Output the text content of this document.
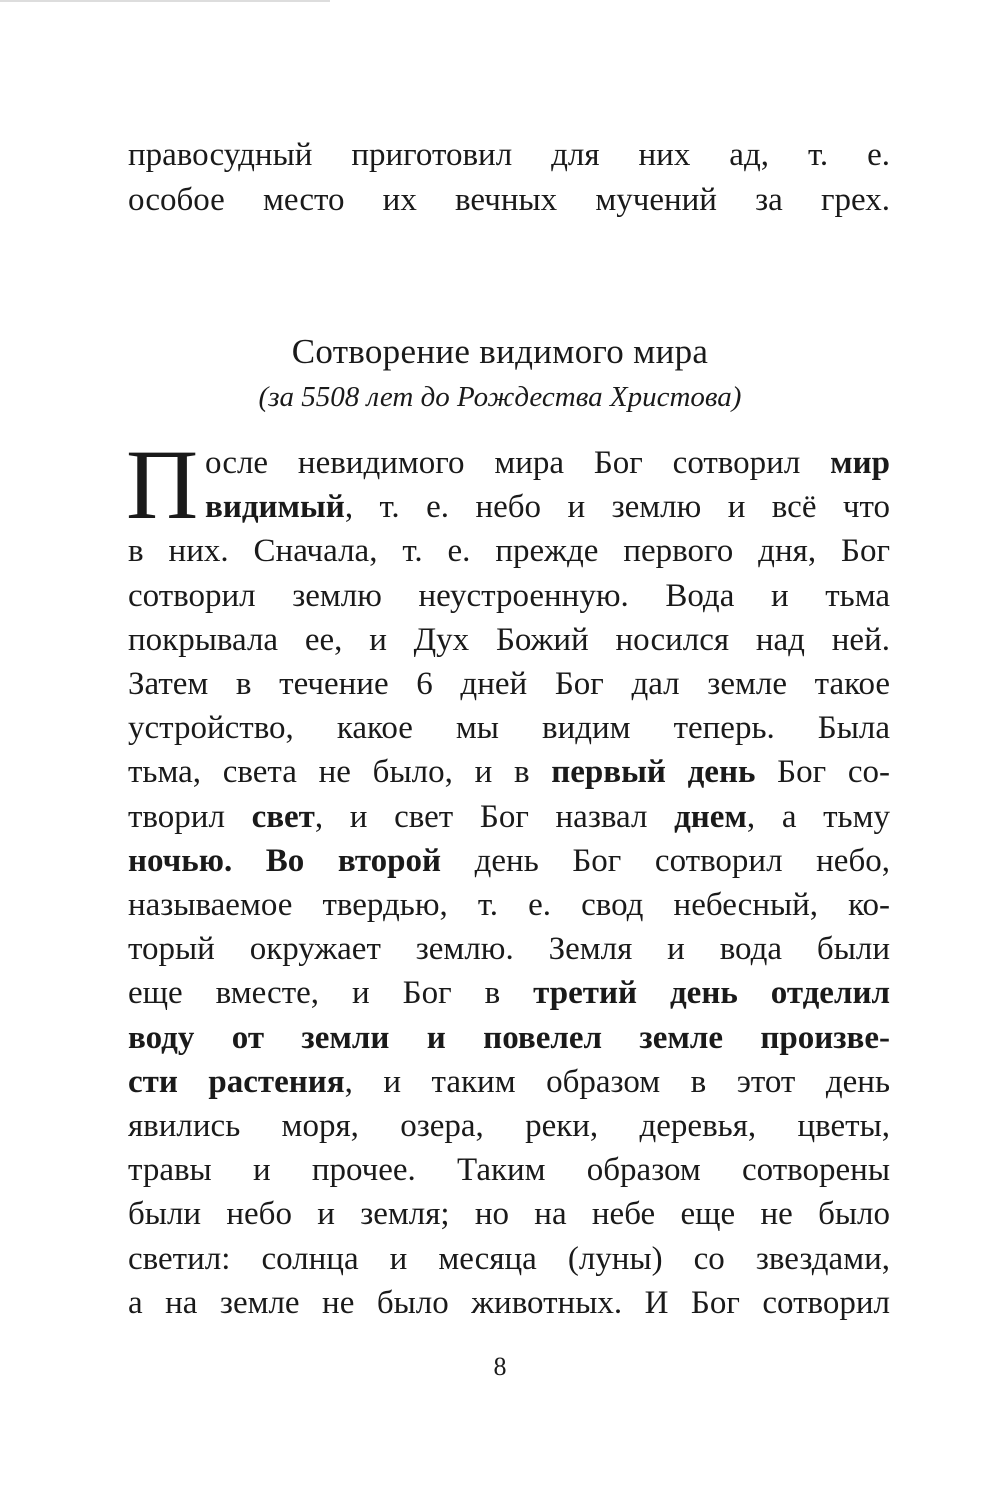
правосудный приготовил для них ад, т. е.
особое место их вечных мучений за грех.
Сотворение видимого мира
(за 5508 лет до Рождества Христова)
П осле невидимого мира Бог сотворил мир
видимый, т. е. небо и землю и всё что
в них. Сначала, т. е. прежде первого дня, Бог
сотворил землю неустроенную. Вода и тьма
покрывала ее, и Дух Божий носился над ней.
Затем в течение 6 дней Бог дал земле такое
устройство, какое мы видим теперь. Была
тьма, света не было, и в первый день Бог со-
творил свет, и свет Бог назвал днем, а тьму
ночью. Во второй день Бог сотворил небо,
называемое твердью, т. е. свод небесный, ко-
торый окружает землю. Земля и вода были
еще вместе, и Бог в третий день отделил
воду от земли и повелел земле произве-
сти растения, и таким образом в этот день
явились моря, озера, реки, деревья, цветы,
травы и прочее. Таким образом сотворены
были небо и земля; но на небе еще не было
светил: солнца и месяца (луны) со звездами,
а на земле не было животных. И Бог сотворил
8
